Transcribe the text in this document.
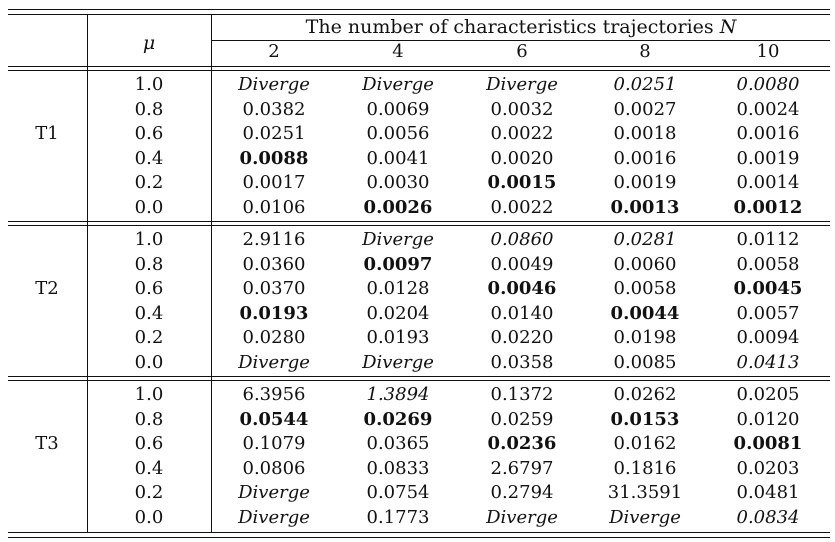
The number of characteristics trajectories N
μ	2	4	6	8	10
T1
1.0	Diverge	Diverge	Diverge	0.0251	0.0080
0.8	0.0382	0.0069	0.0032	0.0027	0.0024
0.6	0.0251	0.0056	0.0022	0.0018	0.0016
0.4	0.0088	0.0041	0.0020	0.0016	0.0019
0.2	0.0017	0.0030	0.0015	0.0019	0.0014
0.0	0.0106	0.0026	0.0022	0.0013	0.0012
T2
1.0	2.9116	Diverge	0.0860	0.0281	0.0112
0.8	0.0360	0.0097	0.0049	0.0060	0.0058
0.6	0.0370	0.0128	0.0046	0.0058	0.0045
0.4	0.0193	0.0204	0.0140	0.0044	0.0057
0.2	0.0280	0.0193	0.0220	0.0198	0.0094
0.0	Diverge	Diverge	0.0358	0.0085	0.0413
T3
1.0	6.3956	1.3894	0.1372	0.0262	0.0205
0.8	0.0544	0.0269	0.0259	0.0153	0.0120
0.6	0.1079	0.0365	0.0236	0.0162	0.0081
0.4	0.0806	0.0833	2.6797	0.1816	0.0203
0.2	Diverge	0.0754	0.2794	31.3591	0.0481
0.0	Diverge	0.1773	Diverge	Diverge	0.0834
